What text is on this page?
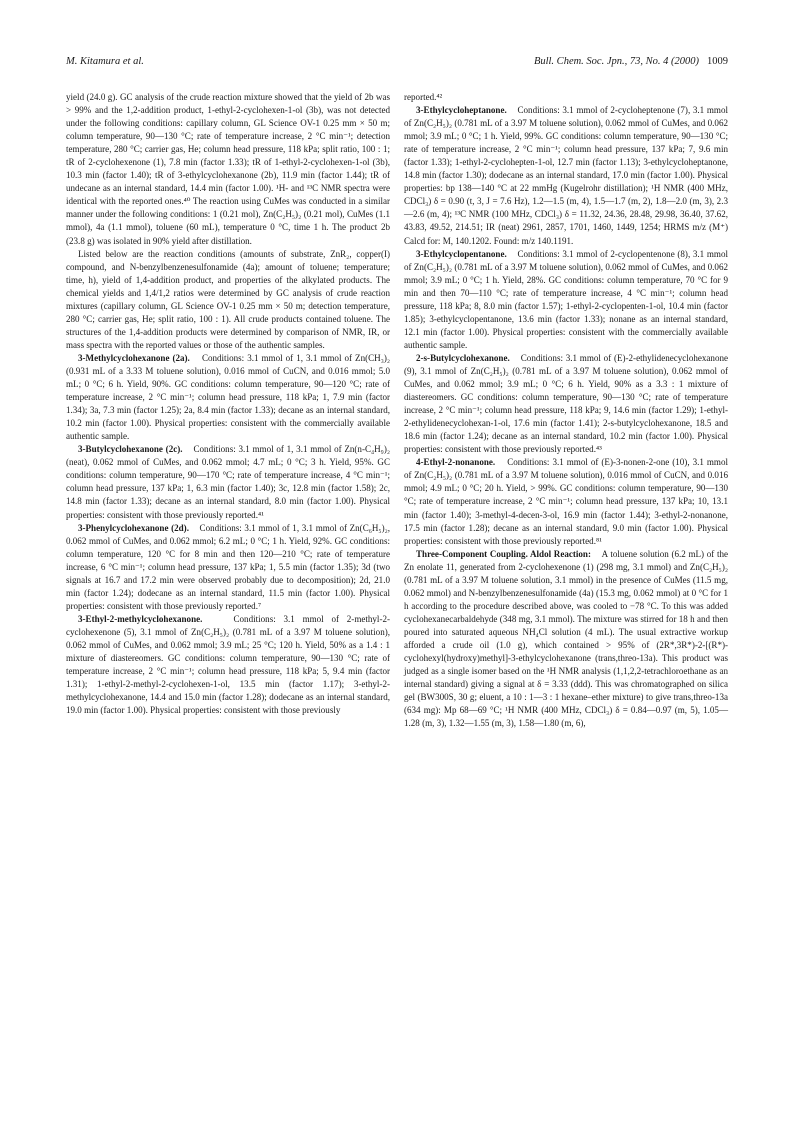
M. Kitamura et al.	Bull. Chem. Soc. Jpn., 73, No. 4 (2000) 1009

yield (24.0 g). GC analysis of the crude reaction mixture showed that the yield of 2b was > 99% and the 1,2-addition product, 1-ethyl-2-cyclohexen-1-ol (3b), was not detected under the following conditions: capillary column, GL Science OV-1 0.25 mm × 50 m; column temperature, 90—130 °C; rate of temperature increase, 2 °C min⁻¹; detection temperature, 280 °C; carrier gas, He; column head pressure, 118 kPa; split ratio, 100 : 1; tR of 2-cyclohexenone (1), 7.8 min (factor 1.33); tR of 1-ethyl-2-cyclohexen-1-ol (3b), 10.3 min (factor 1.40); tR of 3-ethylcyclohexanone (2b), 11.9 min (factor 1.44); tR of undecane as an internal standard, 14.4 min (factor 1.00). ¹H- and ¹³C NMR spectra were identical with the reported ones.⁴⁰ The reaction using CuMes was conducted in a similar manner under the following conditions: 1 (0.21 mol), Zn(C₂H₅)₂ (0.21 mol), CuMes (1.1 mmol), 4a (1.1 mmol), toluene (60 mL), temperature 0 °C, time 1 h. The product 2b (23.8 g) was isolated in 90% yield after distillation.

Listed below are the reaction conditions (amounts of substrate, ZnR₂, copper(I) compound, and N-benzylbenzenesulfonamide (4a); amount of toluene; temperature; time, h), yield of 1,4-addition product, and properties of the alkylated products. The chemical yields and 1,4/1,2 ratios were determined by GC analysis of crude reaction mixtures (capillary column, GL Science OV-1 0.25 mm × 50 m; detection temperature, 280 °C; carrier gas, He; split ratio, 100 : 1). All crude products contained toluene. The structures of the 1,4-addition products were determined by comparison of NMR, IR, or mass spectra with the reported values or those of the authentic samples.

3-Methylcyclohexanone (2a). Conditions: 3.1 mmol of 1, 3.1 mmol of Zn(CH₃)₂ (0.931 mL of a 3.33 M toluene solution), 0.016 mmol of CuCN, and 0.016 mmol; 5.0 mL; 0 °C; 6 h. Yield, 90%. GC conditions: column temperature, 90—120 °C; rate of temperature increase, 2 °C min⁻¹; column head pressure, 118 kPa; 1, 7.9 min (factor 1.34); 3a, 7.3 min (factor 1.25); 2a, 8.4 min (factor 1.33); decane as an internal standard, 10.2 min (factor 1.00). Physical properties: consistent with the commercially available authentic sample.

3-Butylcyclohexanone (2c). Conditions: 3.1 mmol of 1, 3.1 mmol of Zn(n-C₄H₉)₂ (neat), 0.062 mmol of CuMes, and 0.062 mmol; 4.7 mL; 0 °C; 3 h. Yield, 95%. GC conditions: column temperature, 90—170 °C; rate of temperature increase, 4 °C min⁻¹; column head pressure, 137 kPa; 1, 6.3 min (factor 1.40); 3c, 12.8 min (factor 1.58); 2c, 14.8 min (factor 1.33); decane as an internal standard, 8.0 min (factor 1.00). Physical properties: consistent with those previously reported.⁴¹

3-Phenylcyclohexanone (2d). Conditions: 3.1 mmol of 1, 3.1 mmol of Zn(C₆H₅)₂, 0.062 mmol of CuMes, and 0.062 mmol; 6.2 mL; 0 °C; 1 h. Yield, 92%. GC conditions: column temperature, 120 °C for 8 min and then 120—210 °C; rate of temperature increase, 6 °C min⁻¹; column head pressure, 137 kPa; 1, 5.5 min (factor 1.35); 3d (two signals at 16.7 and 17.2 min were observed probably due to decomposition); 2d, 21.0 min (factor 1.24); dodecane as an internal standard, 11.5 min (factor 1.00). Physical properties: consistent with those previously reported.⁷

3-Ethyl-2-methylcyclohexanone.	Conditions: 3.1 mmol of 2-methyl-2-cyclohexenone (5), 3.1 mmol of Zn(C₂H₅)₂ (0.781 mL of a 3.97 M toluene solution), 0.062 mmol of CuMes, and 0.062 mmol; 3.9 mL; 25 °C; 120 h. Yield, 50% as a 1.4 : 1 mixture of diastereomers. GC conditions: column temperature, 90—130 °C; rate of temperature increase, 2 °C min⁻¹; column head pressure, 118 kPa; 5, 9.4 min (factor 1.31); 1-ethyl-2-methyl-2-cyclohexen-1-ol, 13.5 min (factor 1.17); 3-ethyl-2-methylcyclohexanone, 14.4 and 15.0 min (factor 1.28); dodecane as an internal standard, 19.0 min (factor 1.00). Physical properties: consistent with those previously

reported.⁴²

3-Ethylcycloheptanone. Conditions: 3.1 mmol of 2-cycloheptenone (7), 3.1 mmol of Zn(C₂H₅)₂ (0.781 mL of a 3.97 M toluene solution), 0.062 mmol of CuMes, and 0.062 mmol; 3.9 mL; 0 °C; 1 h. Yield, 99%. GC conditions: column temperature, 90—130 °C; rate of temperature increase, 2 °C min⁻¹; column head pressure, 137 kPa; 7, 9.6 min (factor 1.33); 1-ethyl-2-cyclohepten-1-ol, 12.7 min (factor 1.13); 3-ethylcycloheptanone, 14.8 min (factor 1.30); dodecane as an internal standard, 17.0 min (factor 1.00). Physical properties: bp 138—140 °C at 22 mmHg (Kugelrohr distillation); ¹H NMR (400 MHz, CDCl₃) δ = 0.90 (t, 3, J = 7.6 Hz), 1.2—1.5 (m, 4), 1.5—1.7 (m, 2), 1.8—2.0 (m, 3), 2.3—2.6 (m, 4); ¹³C NMR (100 MHz, CDCl₃) δ = 11.32, 24.36, 28.48, 29.98, 36.40, 37.62, 43.83, 49.52, 214.51; IR (neat) 2961, 2857, 1701, 1460, 1449, 1254; HRMS m/z (M⁺) Calcd for: M, 140.1202. Found: m/z 140.1191.

3-Ethylcyclopentanone. Conditions: 3.1 mmol of 2-cyclopentenone (8), 3.1 mmol of Zn(C₂H₅)₂ (0.781 mL of a 3.97 M toluene solution), 0.062 mmol of CuMes, and 0.062 mmol; 3.9 mL; 0 °C; 1 h. Yield, 28%. GC conditions: column temperature, 70 °C for 9 min and then 70—110 °C; rate of temperature increase, 4 °C min⁻¹; column head pressure, 118 kPa; 8, 8.0 min (factor 1.57); 1-ethyl-2-cyclopenten-1-ol, 10.4 min (factor 1.85); 3-ethylcyclopentanone, 13.6 min (factor 1.33); nonane as an internal standard, 12.1 min (factor 1.00). Physical properties: consistent with the commercially available authentic sample.

2-s-Butylcyclohexanone. Conditions: 3.1 mmol of (E)-2-ethylidenecyclohexanone (9), 3.1 mmol of Zn(C₂H₅)₂ (0.781 mL of a 3.97 M toluene solution), 0.062 mmol of CuMes, and 0.062 mmol; 3.9 mL; 0 °C; 6 h. Yield, 90% as a 3.3 : 1 mixture of diastereomers. GC conditions: column temperature, 90—130 °C; rate of temperature increase, 2 °C min⁻¹; column head pressure, 118 kPa; 9, 14.6 min (factor 1.29); 1-ethyl-2-ethylidenecyclohexan-1-ol, 17.6 min (factor 1.41); 2-s-butylcyclohexanone, 18.5 and 18.6 min (factor 1.24); decane as an internal standard, 10.2 min (factor 1.00). Physical properties: consistent with those previously reported.⁴³

4-Ethyl-2-nonanone. Conditions: 3.1 mmol of (E)-3-nonen-2-one (10), 3.1 mmol of Zn(C₂H₅)₂ (0.781 mL of a 3.97 M toluene solution), 0.016 mmol of CuCN, and 0.016 mmol; 4.9 mL; 0 °C; 20 h. Yield, > 99%. GC conditions: column temperature, 90—130 °C; rate of temperature increase, 2 °C min⁻¹; column head pressure, 137 kPa; 10, 13.1 min (factor 1.40); 3-methyl-4-decen-3-ol, 16.9 min (factor 1.44); 3-ethyl-2-nonanone, 17.5 min (factor 1.28); decane as an internal standard, 9.0 min (factor 1.00). Physical properties: consistent with those previously reported.⁸¹

Three-Component Coupling. Aldol Reaction: A toluene solution (6.2 mL) of the Zn enolate 11, generated from 2-cyclohexenone (1) (298 mg, 3.1 mmol) and Zn(C₂H₅)₂ (0.781 mL of a 3.97 M toluene solution, 3.1 mmol) in the presence of CuMes (11.5 mg, 0.062 mmol) and N-benzylbenzenesulfonamide (4a) (15.3 mg, 0.062 mmol) at 0 °C for 1 h according to the procedure described above, was cooled to −78 °C. To this was added cyclohexanecarbaldehyde (348 mg, 3.1 mmol). The mixture was stirred for 18 h and then poured into saturated aqueous NH₄Cl solution (4 mL). The usual extractive workup afforded a crude oil (1.0 g), which contained > 95% of (2R*,3R*)-2-[(R*)-cyclohexyl(hydroxy)methyl]-3-ethylcyclohexanone (trans,threo-13a). This product was judged as a single isomer based on the ¹H NMR analysis (1,1,2,2-tetrachloroethane as an internal standard) giving a signal at δ = 3.33 (ddd). This was chromatographed on silica gel (BW300S, 30 g; eluent, a 10 : 1—3 : 1 hexane–ether mixture) to give trans,threo-13a (634 mg): Mp 68—69 °C; ¹H NMR (400 MHz, CDCl₃) δ = 0.84—0.97 (m, 5), 1.05—1.28 (m, 3), 1.32—1.55 (m, 3), 1.58—1.80 (m, 6),
